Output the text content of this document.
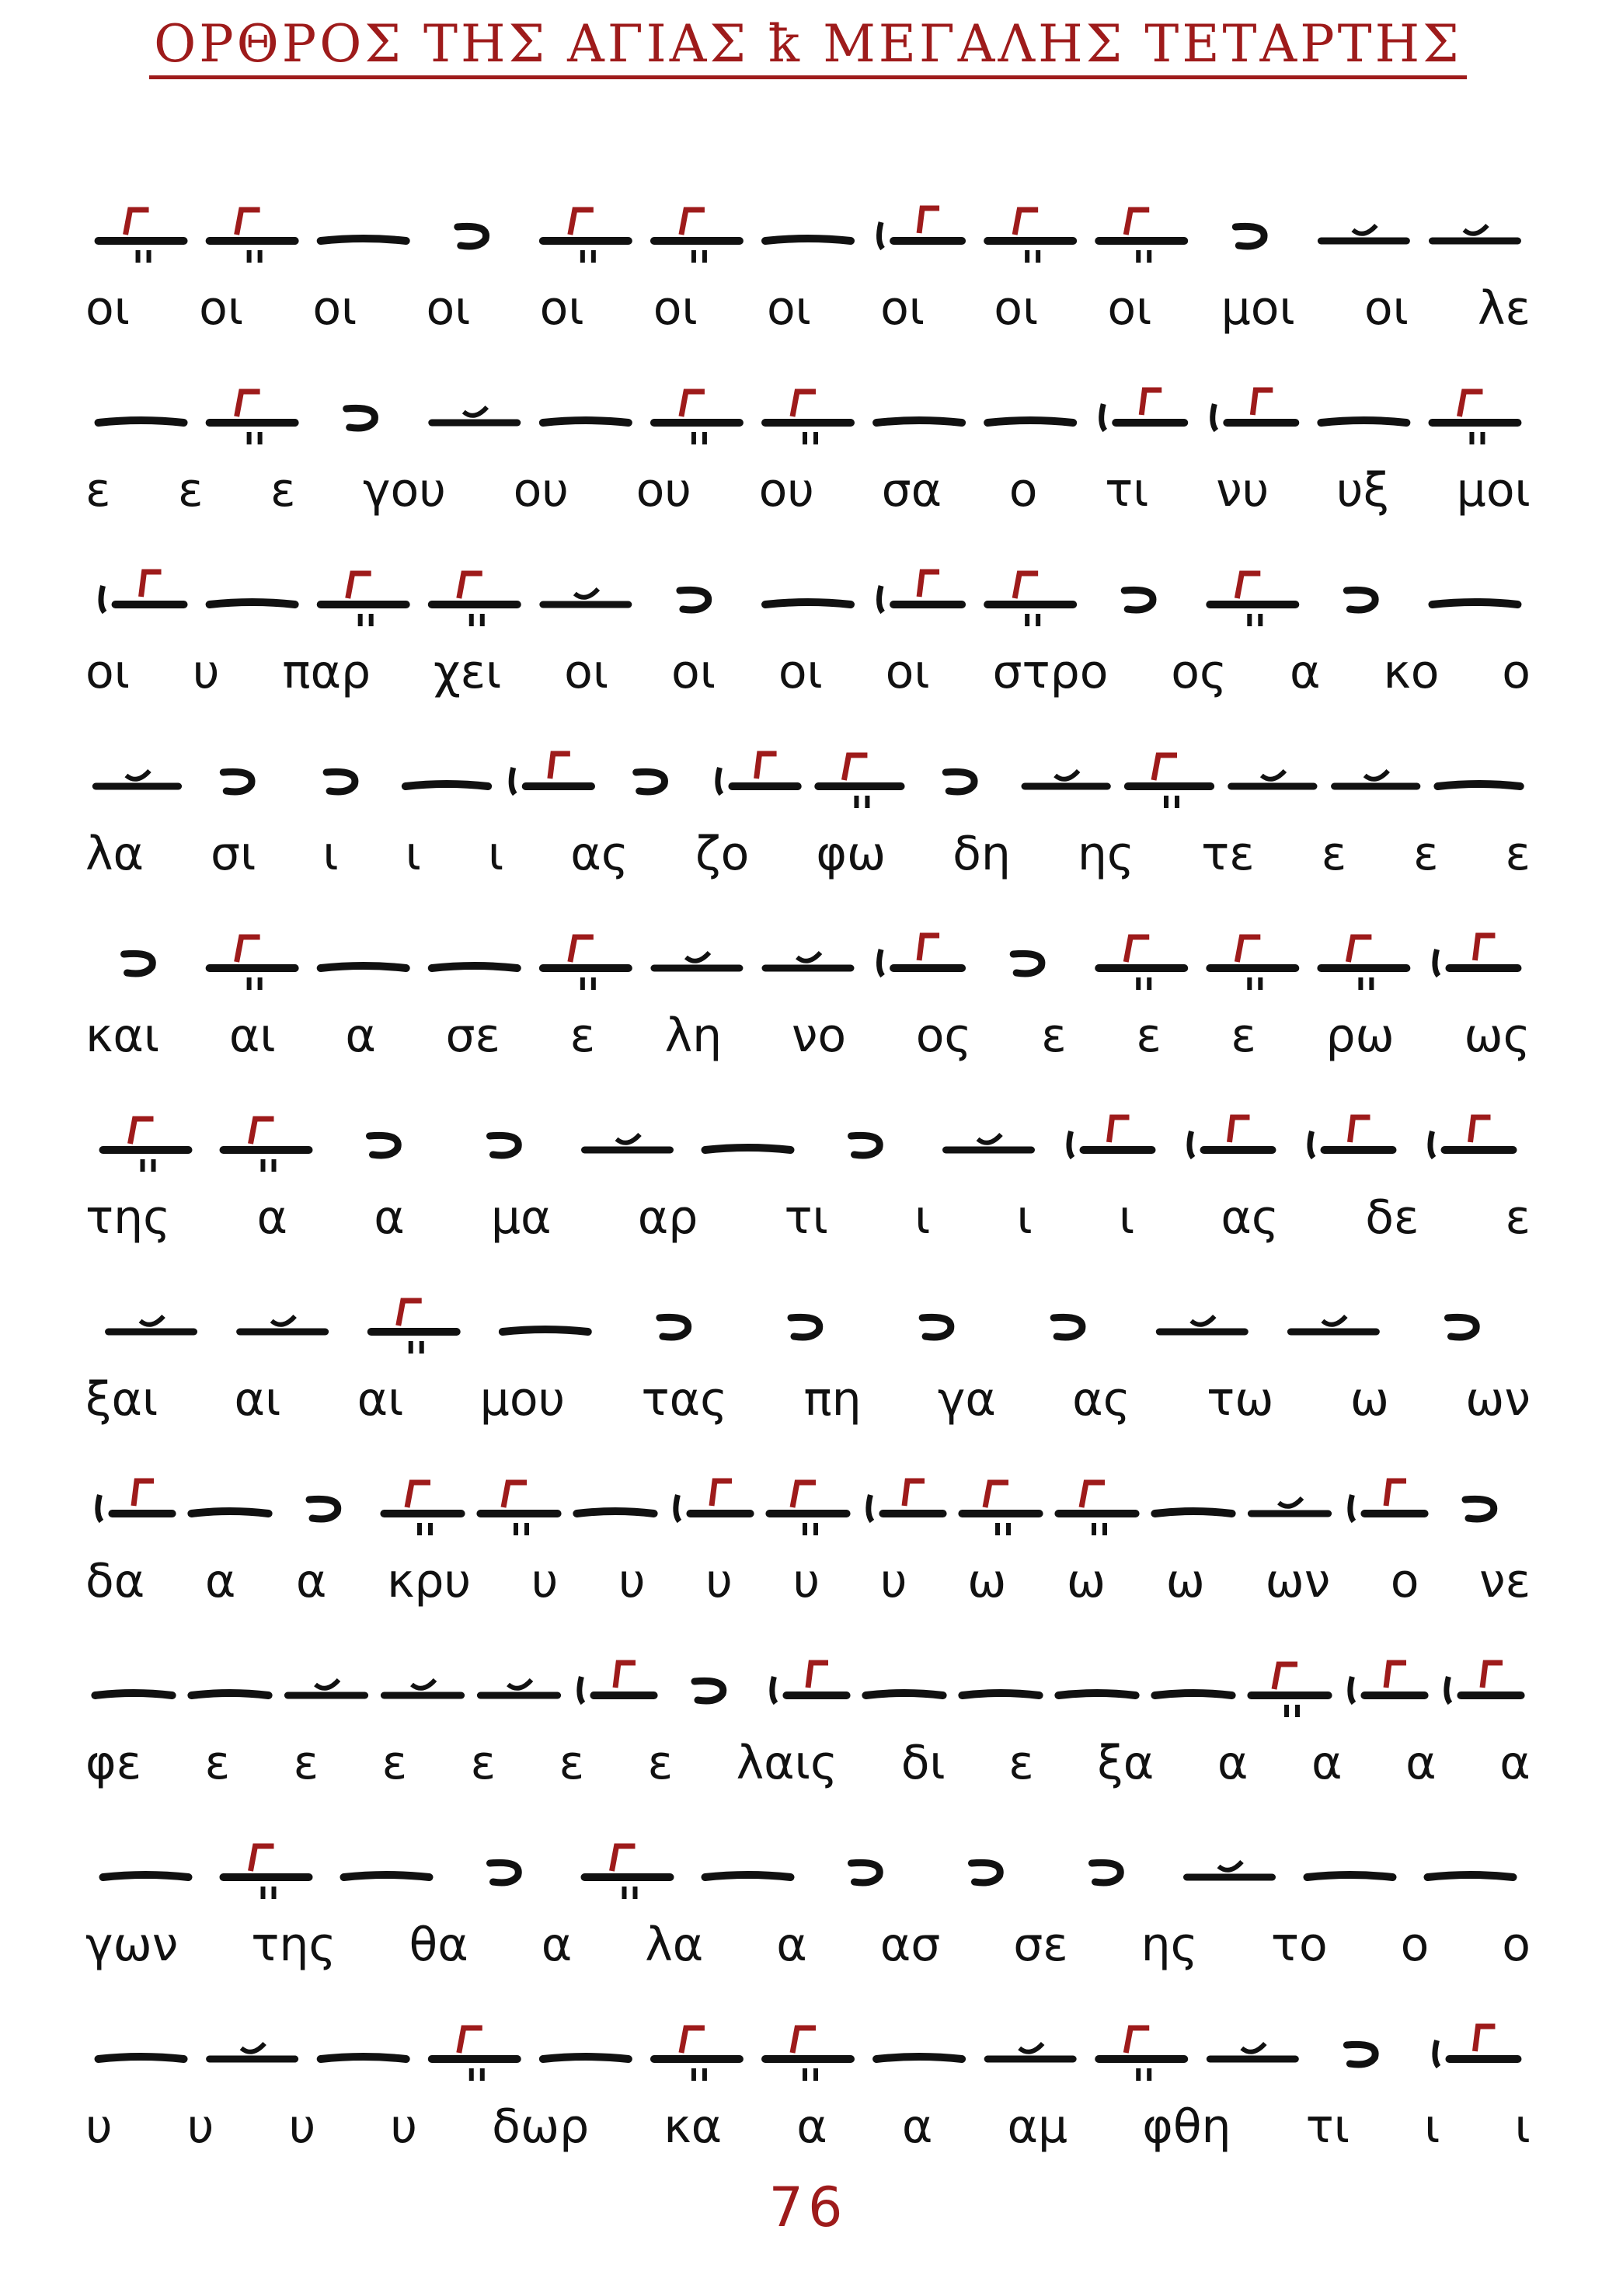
ΟΡΘΡΟΣ ΤΗΣ ΑΓΙΑΣ ꝁ ΜΕΓΑΛΗΣ ΤΕΤΑΡΤΗΣ
οι οι οι οι οι οι οι οι οι οι μοι οι λε
ε ε ε γου ου ου ου σα ο τι νυ υξ μοι
οι υ παρ χει οι οι οι οι στρο ος α κο ο
λα σι ι ι ι ας ζο φω δη ης τε ε ε ε
και αι α σε ε λη νο ος ε ε ε ρω ως
της α α μα αρ τι ι ι ι ας δε ε
ξαι αι αι μου τας πη γα ας τω ω ων
δα α α κρυ υ υ υ υ υ ω ω ω ων ο νε
φε ε ε ε ε ε ε λαις δι ε ξα α α α α
γων της θα α λα α ασ σε ης το ο ο
υ υ υ υ δωρ κα α α αμ φθη τι ι ι
76
